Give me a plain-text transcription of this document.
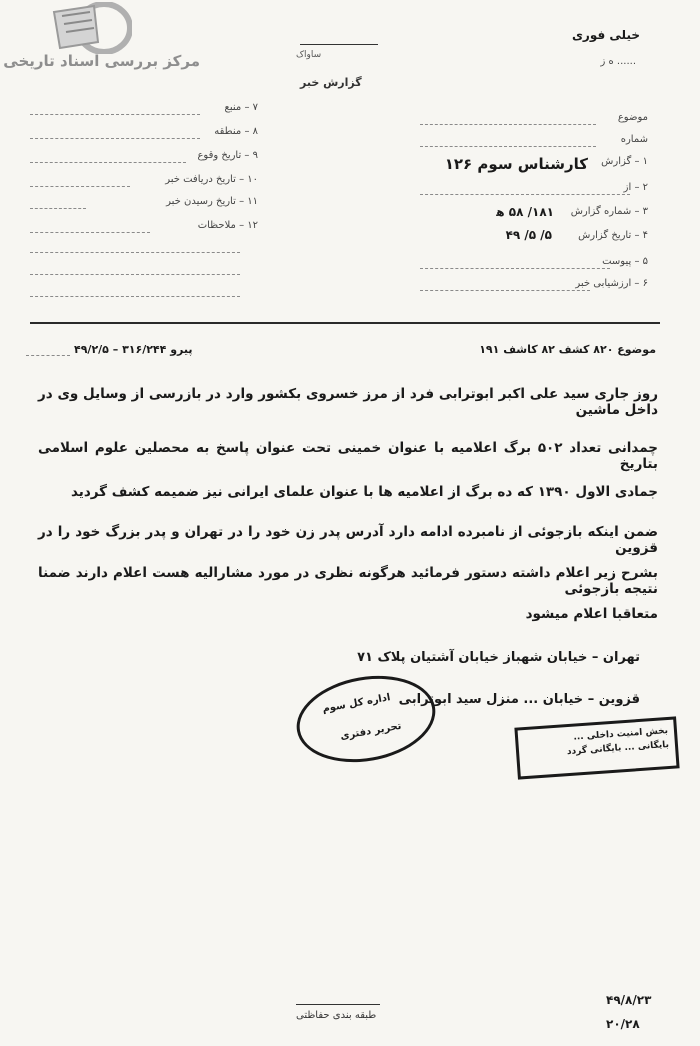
مرکز بررسی اسناد تاریخی
خیلی فوری
...... ه ز
ساواک
گزارش خبر
موضوع
شماره
۱ – گزارش
کارشناس سوم ۱۲۶
۲ – از
۳ – شماره گزارش
۱۸۱/ ۵۸ ه‍
۴ – تاریخ گزارش
۵/ ۵/ ۴۹
۵ – پیوست
۶ – ارزشیابی خبر
۷ – منبع
۸ – منطقه
۹ – تاریخ وقوع
۱۰ – تاریخ دریافت خبر
۱۱ – تاریخ رسیدن خبر
۱۲ – ملاحظات
موضوع ۸۲۰ کشف ۸۲ کاشف ۱۹۱
پیرو ۳۱۶/۲۴۴ – ۴۹/۲/۵
روز جاری سید علی اکبر ابوترابی فرد از مرز خسروی بکشور وارد در بازرسی از وسایل وی در داخل ماشین
چمدانی تعداد ۵۰۲ برگ اعلامیه با عنوان خمینی تحت عنوان پاسخ به محصلین علوم اسلامی بتاریخ
جمادی الاول ۱۳۹۰ که ده برگ از اعلامیه ها با عنوان علمای ایرانی نیز ضمیمه کشف گردید
ضمن اینکه بازجوئی از نامبرده ادامه دارد آدرس پدر زن خود را در تهران و پدر بزرگ خود را در قزوین
بشرح زیر اعلام داشته دستور فرمائید هرگونه نظری در مورد مشارالیه هست اعلام دارند ضمنا نتیجه بازجوئی
متعاقبا اعلام میشود
تهران – خیابان شهباز خیابان آشتیان پلاک ۷۱
قزوین – خیابان ... منزل سید ابوترابی
اداره کل سوم
تحریر دفتری	بخش امنیت داخلی ...
بایگانی ... بایگانی گردد
طبقه بندی حفاظتی
۴۹/۸/۲۳
۲۰/۲۸
